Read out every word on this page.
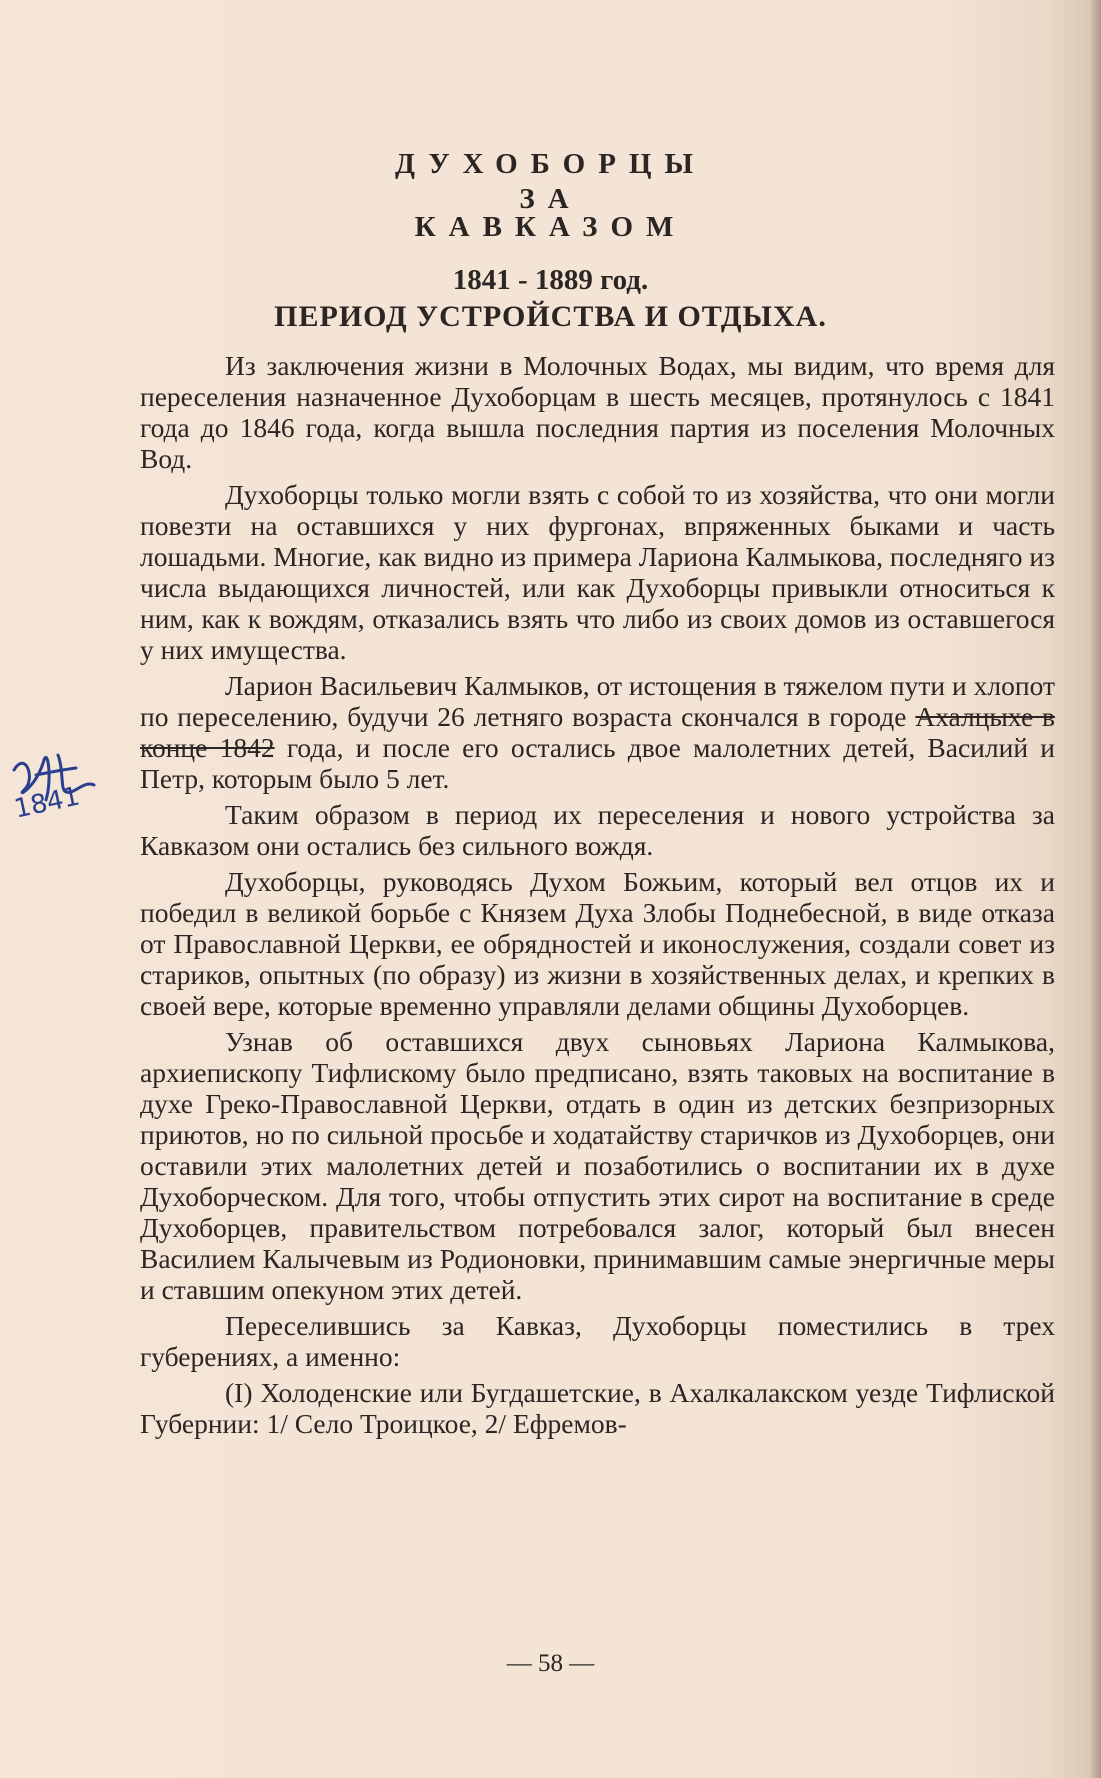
ДУХОБОРЦЫ
ЗА
КАВКАЗОМ
1841 - 1889 год.
ПЕРИОД УСТРОЙСТВА И ОТДЫХА.

Из заключения жизни в Молочных Водах, мы видим, что время для переселения назначенное Духоборцам в шесть месяцев, протянулось с 1841 года до 1846 года, когда вышла последния партия из поселения Молочных Вод.

Духоборцы только могли взять с собой то из хозяйства, что они могли повезти на оставшихся у них фургонах, впряженных быками и часть лошадьми. Многие, как видно из примера Лариона Калмыкова, последняго из числа выдающихся личностей, или как Духоборцы привыкли относиться к ним, как к вождям, отказались взять что либо из своих домов из оставшегося у них имущества.

Ларион Васильевич Калмыков, от истощения в тяжелом пути и хлопот по переселению, будучи 26 летняго возраста скончался в городе Ахалцыхе в конце 1842 года, и после его остались двое малолетних детей, Василий и Петр, которым было 5 лет.

Таким образом в период их переселения и нового устройства за Кавказом они остались без сильного вождя.

Духоборцы, руководясь Духом Божьим, который вел отцов их и победил в великой борьбе с Князем Духа Злобы Поднебесной, в виде отказа от Православной Церкви, ее обрядностей и иконослужения, создали совет из стариков, опытных (по образу) из жизни в хозяйственных делах, и крепких в своей вере, которые временно управляли делами общины Духоборцев.

Узнав об оставшихся двух сыновьях Лариона Калмыкова, архиепископу Тифлискому было предписано, взять таковых на воспитание в духе Греко-Православной Церкви, отдать в один из детских безпризорных приютов, но по сильной просьбе и ходатайству старичков из Духоборцев, они оставили этих малолетних детей и позаботились о воспитании их в духе Духоборческом. Для того, чтобы отпустить этих сирот на воспитание в среде Духоборцев, правительством потребовался залог, который был внесен Василием Калычевым из Родионовки, принимавшим самые энергичные меры и ставшим опекуном этих детей.

Переселившись за Кавказ, Духоборцы поместились в трех губерениях, а именно:

(I) Холоденские или Бугдашетские, в Ахалкалакском уезде Тифлиской Губернии: 1/ Село Троицкое, 2/ Ефремов-

1841
— 58 —
